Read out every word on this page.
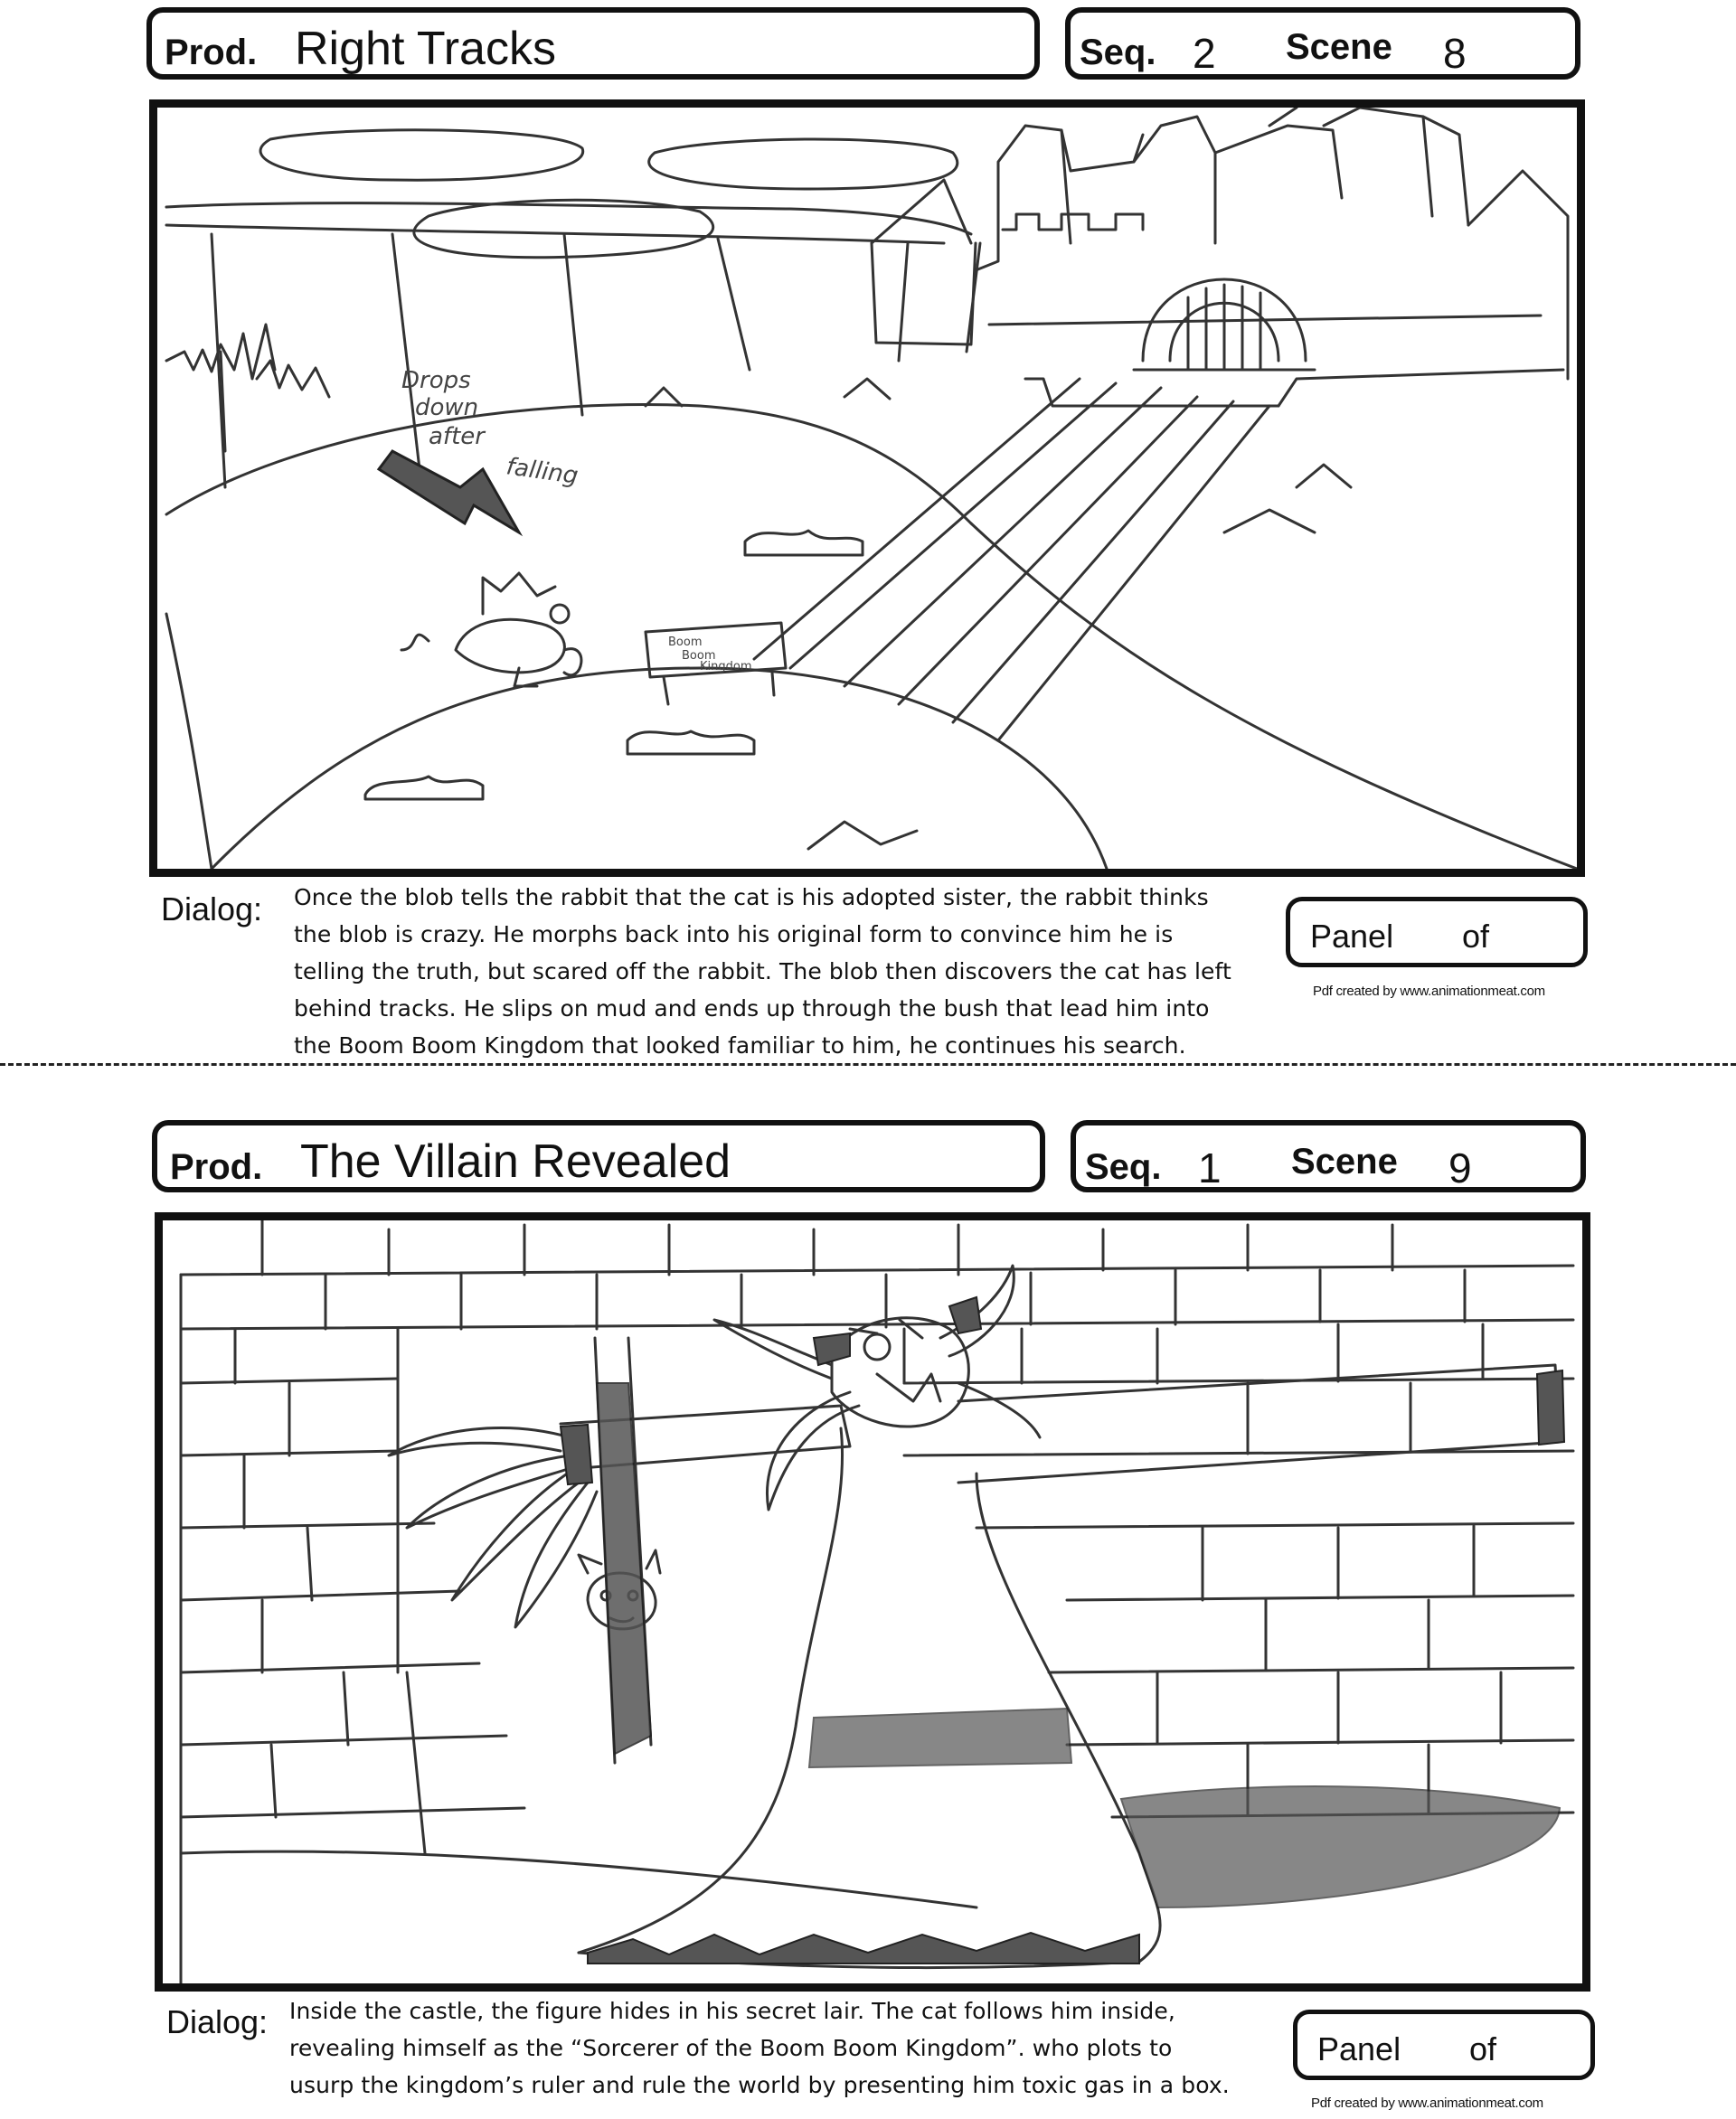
Prod. Right Tracks	Seq. 2 Scene 8
Drops
down
after
falling
Boom
Boom
Kingdom
Dialog: Once the blob tells the rabbit that the cat is his adopted sister, the rabbit thinks
the blob is crazy. He morphs back into his original form to convince him he is
telling the truth, but scared off the rabbit. The blob then discovers the cat has left
behind tracks. He slips on mud and ends up through the bush that lead him into
the Boom Boom Kingdom that looked familiar to him, he continues his search.
Panel of
Pdf created by www.animationmeat.com
Prod. The Villain Revealed	Seq. 1 Scene 9
Dialog: Inside the castle, the figure hides in his secret lair. The cat follows him inside,
revealing himself as the “Sorcerer of the Boom Boom Kingdom”. who plots to
usurp the kingdom’s ruler and rule the world by presenting him toxic gas in a box.
Panel of
Pdf created by www.animationmeat.com
